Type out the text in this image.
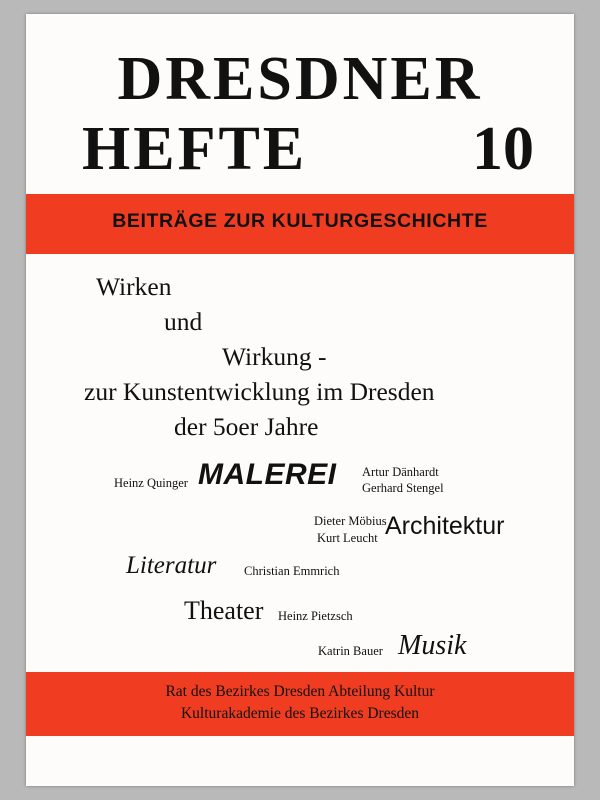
DRESDNER
HEFTE	10
BEITRÄGE ZUR KULTURGESCHICHTE
Wirken
und
Wirkung -
zur Kunstentwicklung im Dresden
der 5oer Jahre
Heinz Quinger MALEREI Artur Dänhardt
Gerhard Stengel
Dieter Möbius
Kurt Leucht Architektur
Literatur Christian Emmrich
Theater Heinz Pietzsch
Katrin Bauer Musik
Rat des Bezirkes Dresden Abteilung Kultur
Kulturakademie des Bezirkes Dresden
